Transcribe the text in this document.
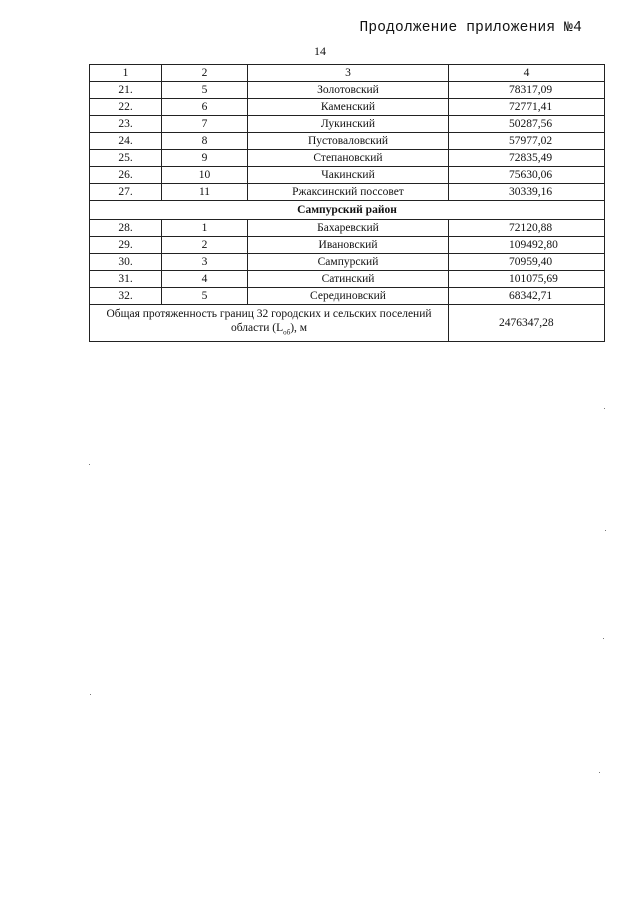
Продолжение приложения №4
14
1	2	3	4
21.	5	Золотовский	78317,09
22.	6	Каменский	72771,41
23.	7	Лукинский	50287,56
24.	8	Пустоваловский	57977,02
25.	9	Степановский	72835,49
26.	10	Чакинский	75630,06
27.	11	Ржаксинский поссовет	30339,16
Сампурский район			
28.	1	Бахаревский	72120,88
29.	2	Ивановский	109492,80
30.	3	Сампурский	70959,40
31.	4	Сатинский	101075,69
32.	5	Серединовский	68342,71
Общая протяженность границ 32 городских и сельских поселений области $(L_{об})$, м			2476347,28
